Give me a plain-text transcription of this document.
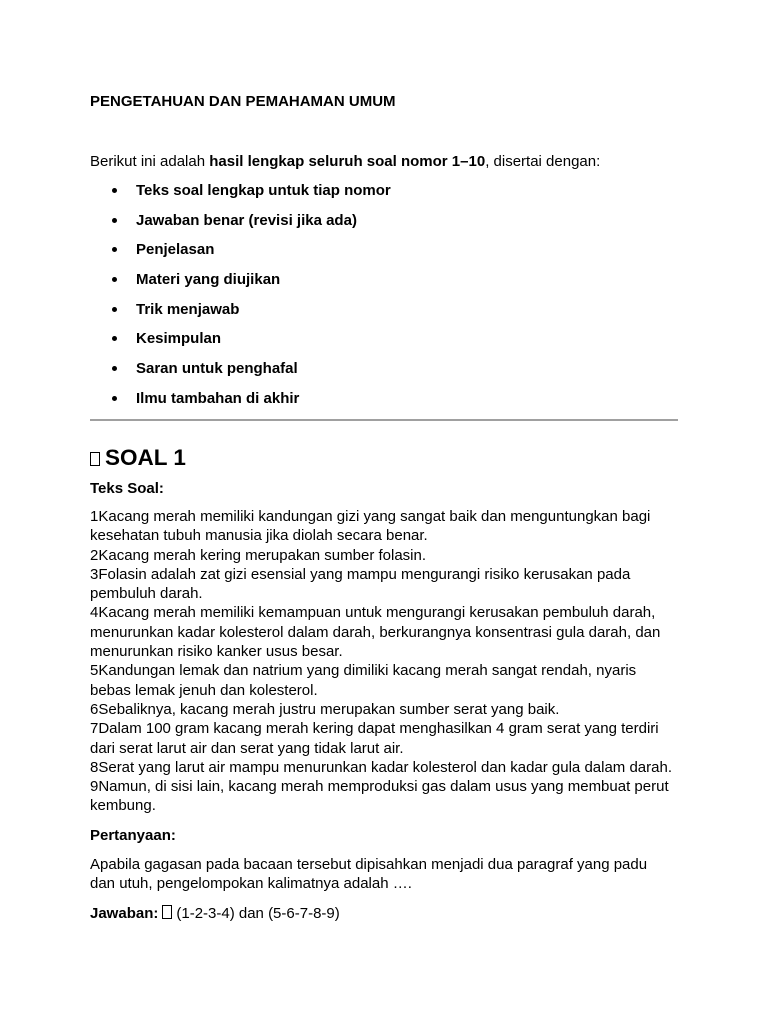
PENGETAHUAN DAN PEMAHAMAN UMUM

Berikut ini adalah hasil lengkap seluruh soal nomor 1–10, disertai dengan:

Teks soal lengkap untuk tiap nomor
Jawaban benar (revisi jika ada)
Penjelasan
Materi yang diujikan
Trik menjawab
Kesimpulan
Saran untuk penghafal
Ilmu tambahan di akhir
SOAL 1

Teks Soal:

1Kacang merah memiliki kandungan gizi yang sangat baik dan menguntungkan bagi
kesehatan tubuh manusia jika diolah secara benar.
2Kacang merah kering merupakan sumber folasin.
3Folasin adalah zat gizi esensial yang mampu mengurangi risiko kerusakan pada
pembuluh darah.
4Kacang merah memiliki kemampuan untuk mengurangi kerusakan pembuluh darah,
menurunkan kadar kolesterol dalam darah, berkurangnya konsentrasi gula darah, dan
menurunkan risiko kanker usus besar.
5Kandungan lemak dan natrium yang dimiliki kacang merah sangat rendah, nyaris
bebas lemak jenuh dan kolesterol.
6Sebaliknya, kacang merah justru merupakan sumber serat yang baik.
7Dalam 100 gram kacang merah kering dapat menghasilkan 4 gram serat yang terdiri
dari serat larut air dan serat yang tidak larut air.
8Serat yang larut air mampu menurunkan kadar kolesterol dan kadar gula dalam darah.
9Namun, di sisi lain, kacang merah memproduksi gas dalam usus yang membuat perut
kembung.

Pertanyaan:

Apabila gagasan pada bacaan tersebut dipisahkan menjadi dua paragraf yang padu
dan utuh, pengelompokan kalimatnya adalah ….

Jawaban: (1-2-3-4) dan (5-6-7-8-9)
